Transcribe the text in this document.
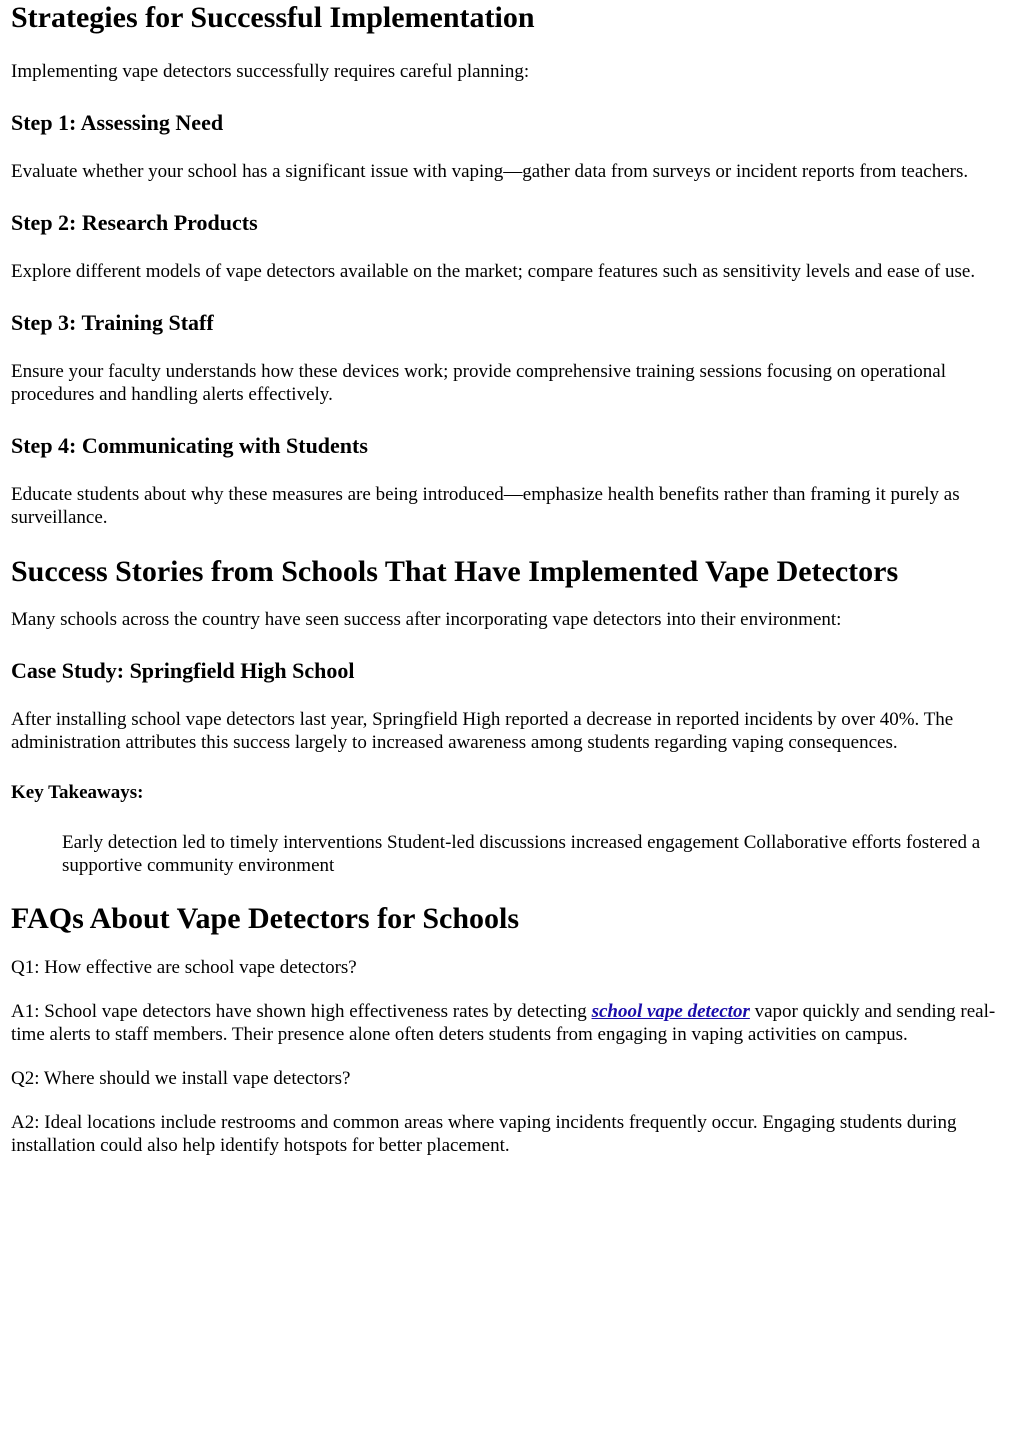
Strategies for Successful Implementation

Implementing vape detectors successfully requires careful planning:

Step 1: Assessing Need

Evaluate whether your school has a significant issue with vaping—gather data from surveys or incident reports from teachers.

Step 2: Research Products

Explore different models of vape detectors available on the market; compare features such as sensitivity levels and ease of use.

Step 3: Training Staff

Ensure your faculty understands how these devices work; provide comprehensive training sessions focusing on operational procedures and handling alerts effectively.

Step 4: Communicating with Students

Educate students about why these measures are being introduced—emphasize health benefits rather than framing it purely as surveillance.

Success Stories from Schools That Have Implemented Vape Detectors

Many schools across the country have seen success after incorporating vape detectors into their environment:

Case Study: Springfield High School

After installing school vape detectors last year, Springfield High reported a decrease in reported incidents by over 40%. The administration attributes this success largely to increased awareness among students regarding vaping consequences.

Key Takeaways:
Early detection led to timely interventions Student-led discussions increased engagement Collaborative efforts fostered a supportive community environment
FAQs About Vape Detectors for Schools

Q1: How effective are school vape detectors?

A1: School vape detectors have shown high effectiveness rates by detecting school vape detector vapor quickly and sending real-time alerts to staff members. Their presence alone often deters students from engaging in vaping activities on campus.

Q2: Where should we install vape detectors?

A2: Ideal locations include restrooms and common areas where vaping incidents frequently occur. Engaging students during installation could also help identify hotspots for better placement.
